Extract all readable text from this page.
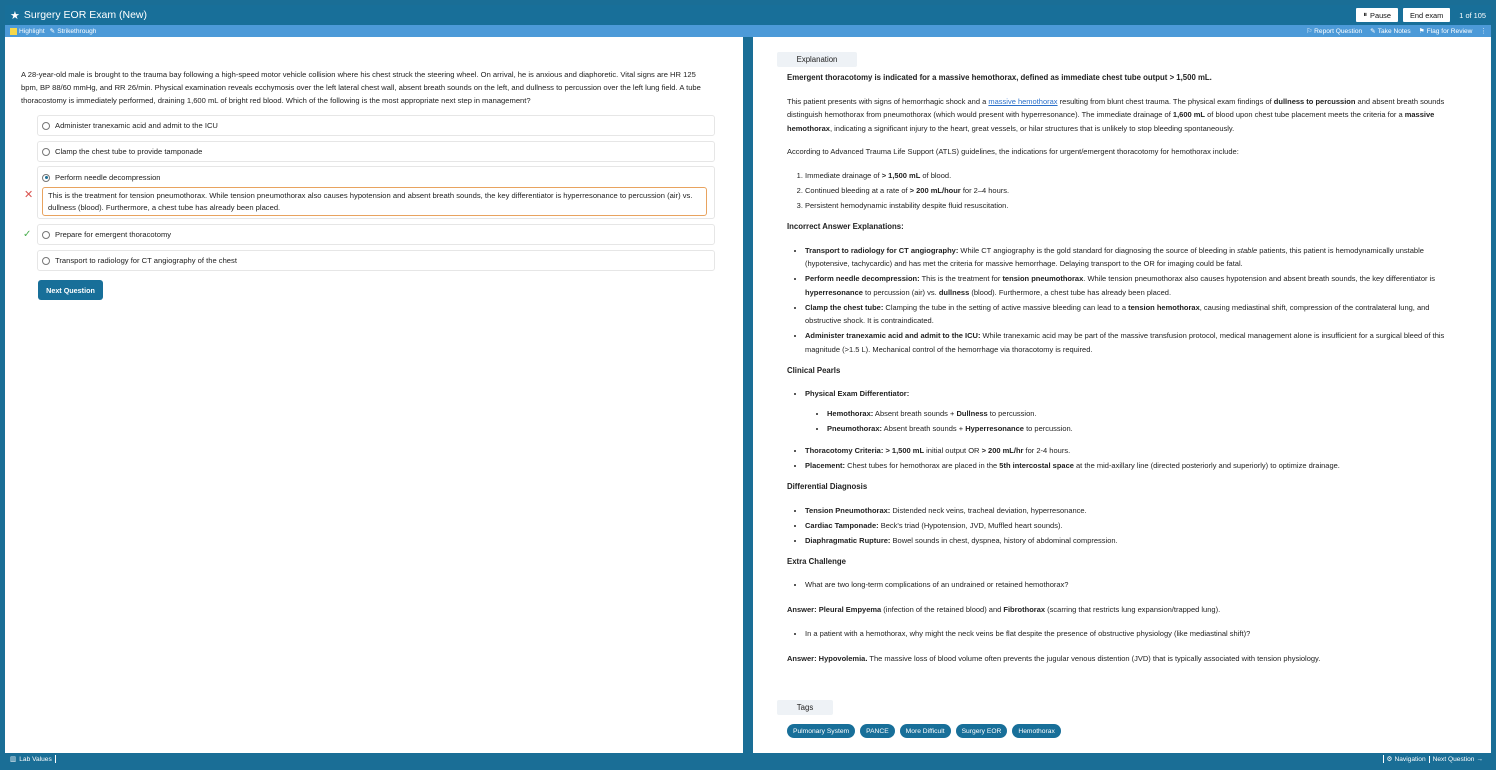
★ Surgery EOR Exam (New)	⏸ Pause	End exam 1 of 105
Highlight ✎ Strikethrough	⚐ Report Question ✎ Take Notes ⚑ Flag for Review ⋮
A 28-year-old male is brought to the trauma bay following a high-speed motor vehicle collision where his chest struck the steering wheel. On arrival, he is anxious and diaphoretic. Vital signs are HR 125 bpm, BP 88/60 mmHg, and RR 26/min. Physical examination reveals ecchymosis over the left lateral chest wall, absent breath sounds on the left, and dullness to percussion over the left lung field. A tube thoracostomy is immediately performed, draining 1,600 mL of bright red blood. Which of the following is the most appropriate next step in management?
Administer tranexamic acid and admit to the ICU
Clamp the chest tube to provide tamponade
Perform needle decompression
This is the treatment for tension pneumothorax. While tension pneumothorax also causes hypotension and absent breath sounds, the key differentiator is hyperresonance to percussion (air) vs. dullness (blood). Furthermore, a chest tube has already been placed.
✕
Prepare for emergent thoracotomy
✓
Transport to radiology for CT angiography of the chest
Next Question
Explanation

Emergent thoracotomy is indicated for a massive hemothorax, defined as immediate chest tube output > 1,500 mL.

This patient presents with signs of hemorrhagic shock and a massive hemothorax resulting from blunt chest trauma. The physical exam findings of dullness to percussion and absent breath sounds distinguish hemothorax from pneumothorax (which would present with hyperresonance). The immediate drainage of 1,600 mL of blood upon chest tube placement meets the criteria for a massive hemothorax, indicating a significant injury to the heart, great vessels, or hilar structures that is unlikely to stop bleeding spontaneously.

According to Advanced Trauma Life Support (ATLS) guidelines, the indications for urgent/emergent thoracotomy for hemothorax include:

1. Immediate drainage of > 1,500 mL of blood.
2. Continued bleeding at a rate of > 200 mL/hour for 2–4 hours.
3. Persistent hemodynamic instability despite fluid resuscitation.

Incorrect Answer Explanations:

• Transport to radiology for CT angiography: While CT angiography is the gold standard for diagnosing the source of bleeding in stable patients, this patient is hemodynamically unstable (hypotensive, tachycardic) and has met the criteria for massive hemorrhage. Delaying transport to the OR for imaging could be fatal.
• Perform needle decompression: This is the treatment for tension pneumothorax. While tension pneumothorax also causes hypotension and absent breath sounds, the key differentiator is hyperresonance to percussion (air) vs. dullness (blood). Furthermore, a chest tube has already been placed.
• Clamp the chest tube: Clamping the tube in the setting of active massive bleeding can lead to a tension hemothorax, causing mediastinal shift, compression of the contralateral lung, and obstructive shock. It is contraindicated.
• Administer tranexamic acid and admit to the ICU: While tranexamic acid may be part of the massive transfusion protocol, medical management alone is insufficient for a surgical bleed of this magnitude (>1.5 L). Mechanical control of the hemorrhage via thoracotomy is required.

Clinical Pearls

• Physical Exam Differentiator:
• Hemothorax: Absent breath sounds + Dullness to percussion.
• Pneumothorax: Absent breath sounds + Hyperresonance to percussion.
• Thoracotomy Criteria: > 1,500 mL initial output OR > 200 mL/hr for 2-4 hours.
• Placement: Chest tubes for hemothorax are placed in the 5th intercostal space at the mid-axillary line (directed posteriorly and superiorly) to optimize drainage.

Differential Diagnosis

• Tension Pneumothorax: Distended neck veins, tracheal deviation, hyperresonance.
• Cardiac Tamponade: Beck's triad (Hypotension, JVD, Muffled heart sounds).
• Diaphragmatic Rupture: Bowel sounds in chest, dyspnea, history of abdominal compression.

Extra Challenge

• What are two long-term complications of an undrained or retained hemothorax?

Answer: Pleural Empyema (infection of the retained blood) and Fibrothorax (scarring that restricts lung expansion/trapped lung).

• In a patient with a hemothorax, why might the neck veins be flat despite the presence of obstructive physiology (like mediastinal shift)?

Answer: Hypovolemia. The massive loss of blood volume often prevents the jugular venous distention (JVD) that is typically associated with tension physiology.

Tags
Pulmonary System	PANCE	More Difficult	Surgery EOR	Hemothorax
▥ Lab Values	⚙ Navigation Next Question →
